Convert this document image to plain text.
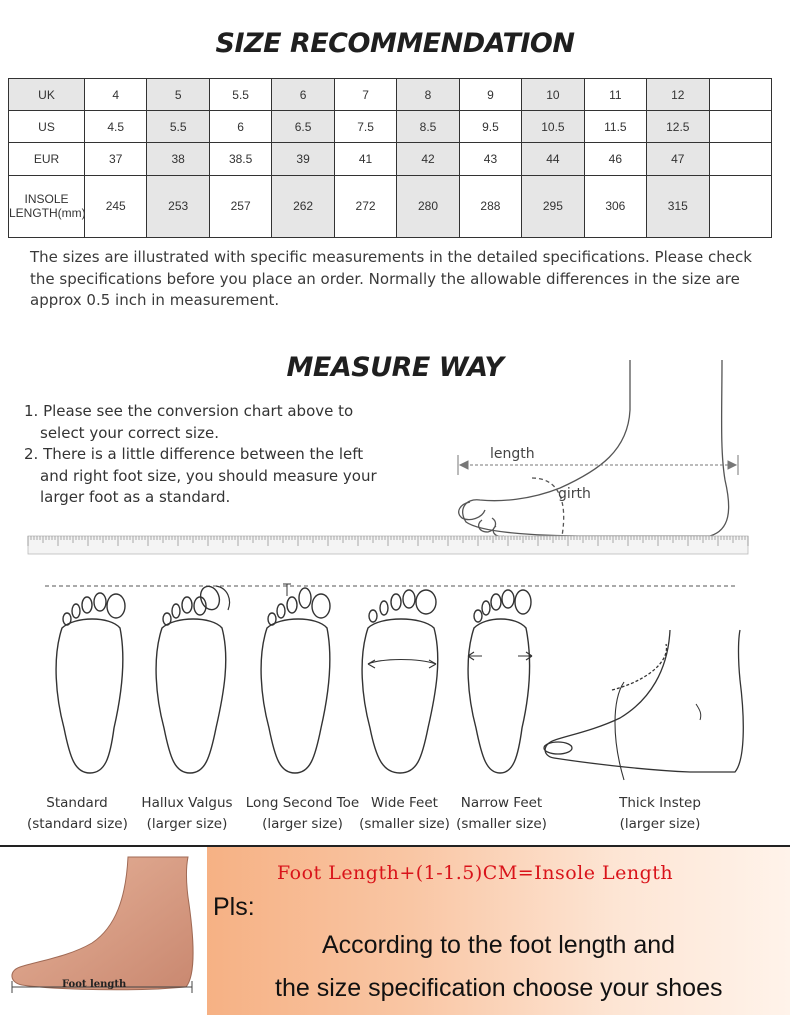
SIZE RECOMMENDATION
UK	4	5	5.5	6	7	8	9	10	11	12	
US	4.5	5.5	6	6.5	7.5	8.5	9.5	10.5	11.5	12.5	
EUR	37	38	38.5	39	41	42	43	44	46	47	
INSOLE LENGTH(mm)	245	253	257	262	272	280	288	295	306	315	
The sizes are illustrated with specific measurements in the detailed specifications. Please check the specifications before you place an order. Normally the allowable differences in the size are approx 0.5 inch in measurement.
MEASURE WAY
1. Please see the conversion chart above to select your correct size.
2. There is a little difference between the left and right foot size, you should measure your larger foot as a standard.
length
girth
Standard
(standard size)
Hallux Valgus
(larger size)
Long Second Toe
(larger size)
Wide Feet
(smaller size)
Narrow Feet
(smaller size)
Thick Instep
(larger size)
Foot length
Foot Length+(1-1.5)CM=Insole Length
Pls:
According to the foot length and
the size specification choose your shoes
